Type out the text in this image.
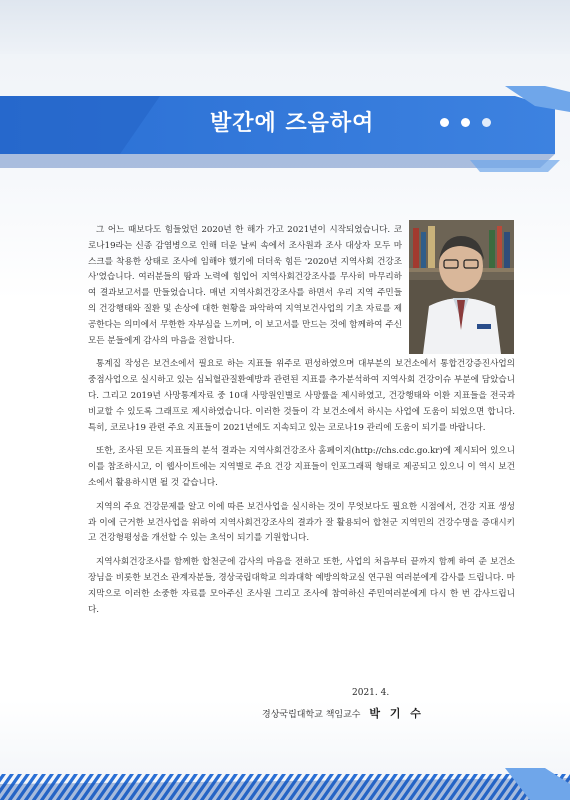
발간에 즈음하여

그 어느 때보다도 힘들었던 2020년 한 해가 가고 2021년이 시작되었습니다. 코로나19라는 신종 감염병으로 인해 더운 날씨 속에서 조사원과 조사 대상자 모두 마스크를 착용한 상태로 조사에 임해야 했기에 더더욱 힘든 '2020년 지역사회 건강조사'였습니다. 여러분들의 땀과 노력에 힘입어 지역사회건강조사를 무사히 마무리하여 결과보고서를 만들었습니다. 매년 지역사회건강조사를 하면서 우리 지역 주민들의 건강행태와 질환 및 손상에 대한 현황을 파악하여 지역보건사업의 기초 자료를 제공한다는 의미에서 무한한 자부심을 느끼며, 이 보고서를 만드는 것에 함께하여 주신 모든 분들에게 감사의 마음을 전합니다.

통계집 작성은 보건소에서 필요로 하는 지표들 위주로 편성하였으며 대부분의 보건소에서 통합건강증진사업의 중점사업으로 실시하고 있는 심뇌혈관질환예방과 관련된 지표를 추가분석하여 지역사회 건강이슈 부분에 담았습니다. 그리고 2019년 사망통계자료 중 10대 사망원인별로 사망률을 제시하였고, 건강행태와 이환 지표들을 전국과 비교할 수 있도록 그래프로 제시하였습니다. 이러한 것들이 각 보건소에서 하시는 사업에 도움이 되었으면 합니다. 특히, 코로나19 관련 주요 지표들이 2021년에도 지속되고 있는 코로나19 관리에 도움이 되기를 바랍니다.

또한, 조사된 모든 지표들의 분석 결과는 지역사회건강조사 홈페이지(http://chs.cdc.go.kr)에 제시되어 있으니 이를 참조하시고, 이 웹사이트에는 지역별로 주요 건강 지표들이 인포그래픽 형태로 제공되고 있으니 이 역시 보건소에서 활용하시면 될 것 같습니다.

지역의 주요 건강문제를 알고 이에 따른 보건사업을 실시하는 것이 무엇보다도 필요한 시점에서, 건강 지표 생성과 이에 근거한 보건사업을 위하여 지역사회건강조사의 결과가 잘 활용되어 합천군 지역민의 건강수명을 증대시키고 건강형평성을 개선할 수 있는 초석이 되기를 기원합니다.

지역사회건강조사를 함께한 합천군에 감사의 마음을 전하고 또한, 사업의 처음부터 끝까지 함께 하여 준 보건소장님을 비롯한 보건소 관계자분들, 경상국립대학교 의과대학 예방의학교실 연구원 여러분에게 감사를 드립니다. 마지막으로 이러한 소중한 자료를 모아주신 조사원 그리고 조사에 참여하신 주민여러분에게 다시 한 번 감사드립니다.

2021. 4.
경상국립대학교 책임교수 박 기 수
